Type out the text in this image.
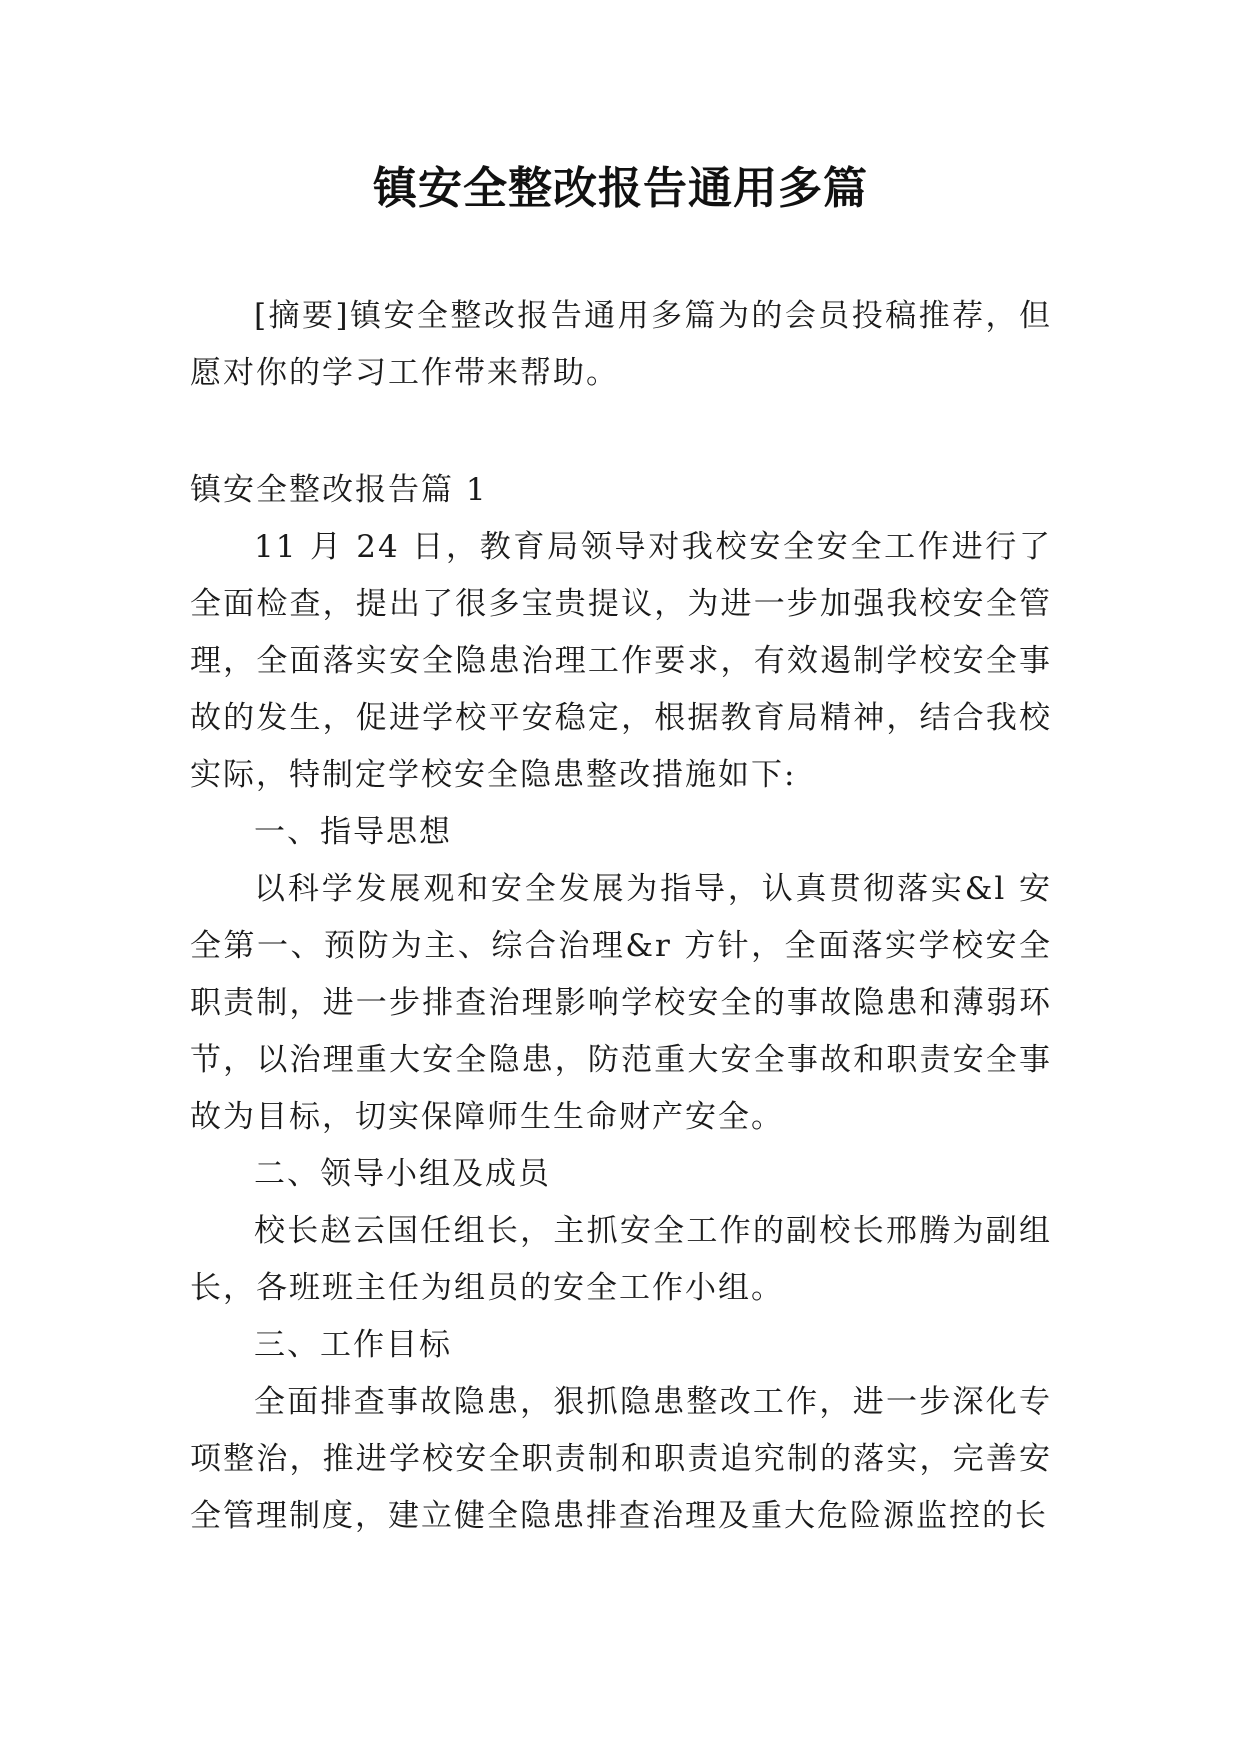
镇安全整改报告通用多篇

[摘要]镇安全整改报告通用多篇为的会员投稿推荐，但愿对你的学习工作带来帮助。

镇安全整改报告篇 1

11 月 24 日，教育局领导对我校安全安全工作进行了全面检查，提出了很多宝贵提议，为进一步加强我校安全管理，全面落实安全隐患治理工作要求，有效遏制学校安全事故的发生，促进学校平安稳定，根据教育局精神，结合我校实际，特制定学校安全隐患整改措施如下:

一、指导思想

以科学发展观和安全发展为指导，认真贯彻落实&l 安全第一、预防为主、综合治理&r 方针，全面落实学校安全职责制，进一步排查治理影响学校安全的事故隐患和薄弱环节，以治理重大安全隐患，防范重大安全事故和职责安全事故为目标，切实保障师生生命财产安全。

二、领导小组及成员

校长赵云国任组长，主抓安全工作的副校长邢腾为副组长，各班班主任为组员的安全工作小组。

三、工作目标

全面排查事故隐患，狠抓隐患整改工作，进一步深化专项整治，推进学校安全职责制和职责追究制的落实，完善安全管理制度，建立健全隐患排查治理及重大危险源监控的长
